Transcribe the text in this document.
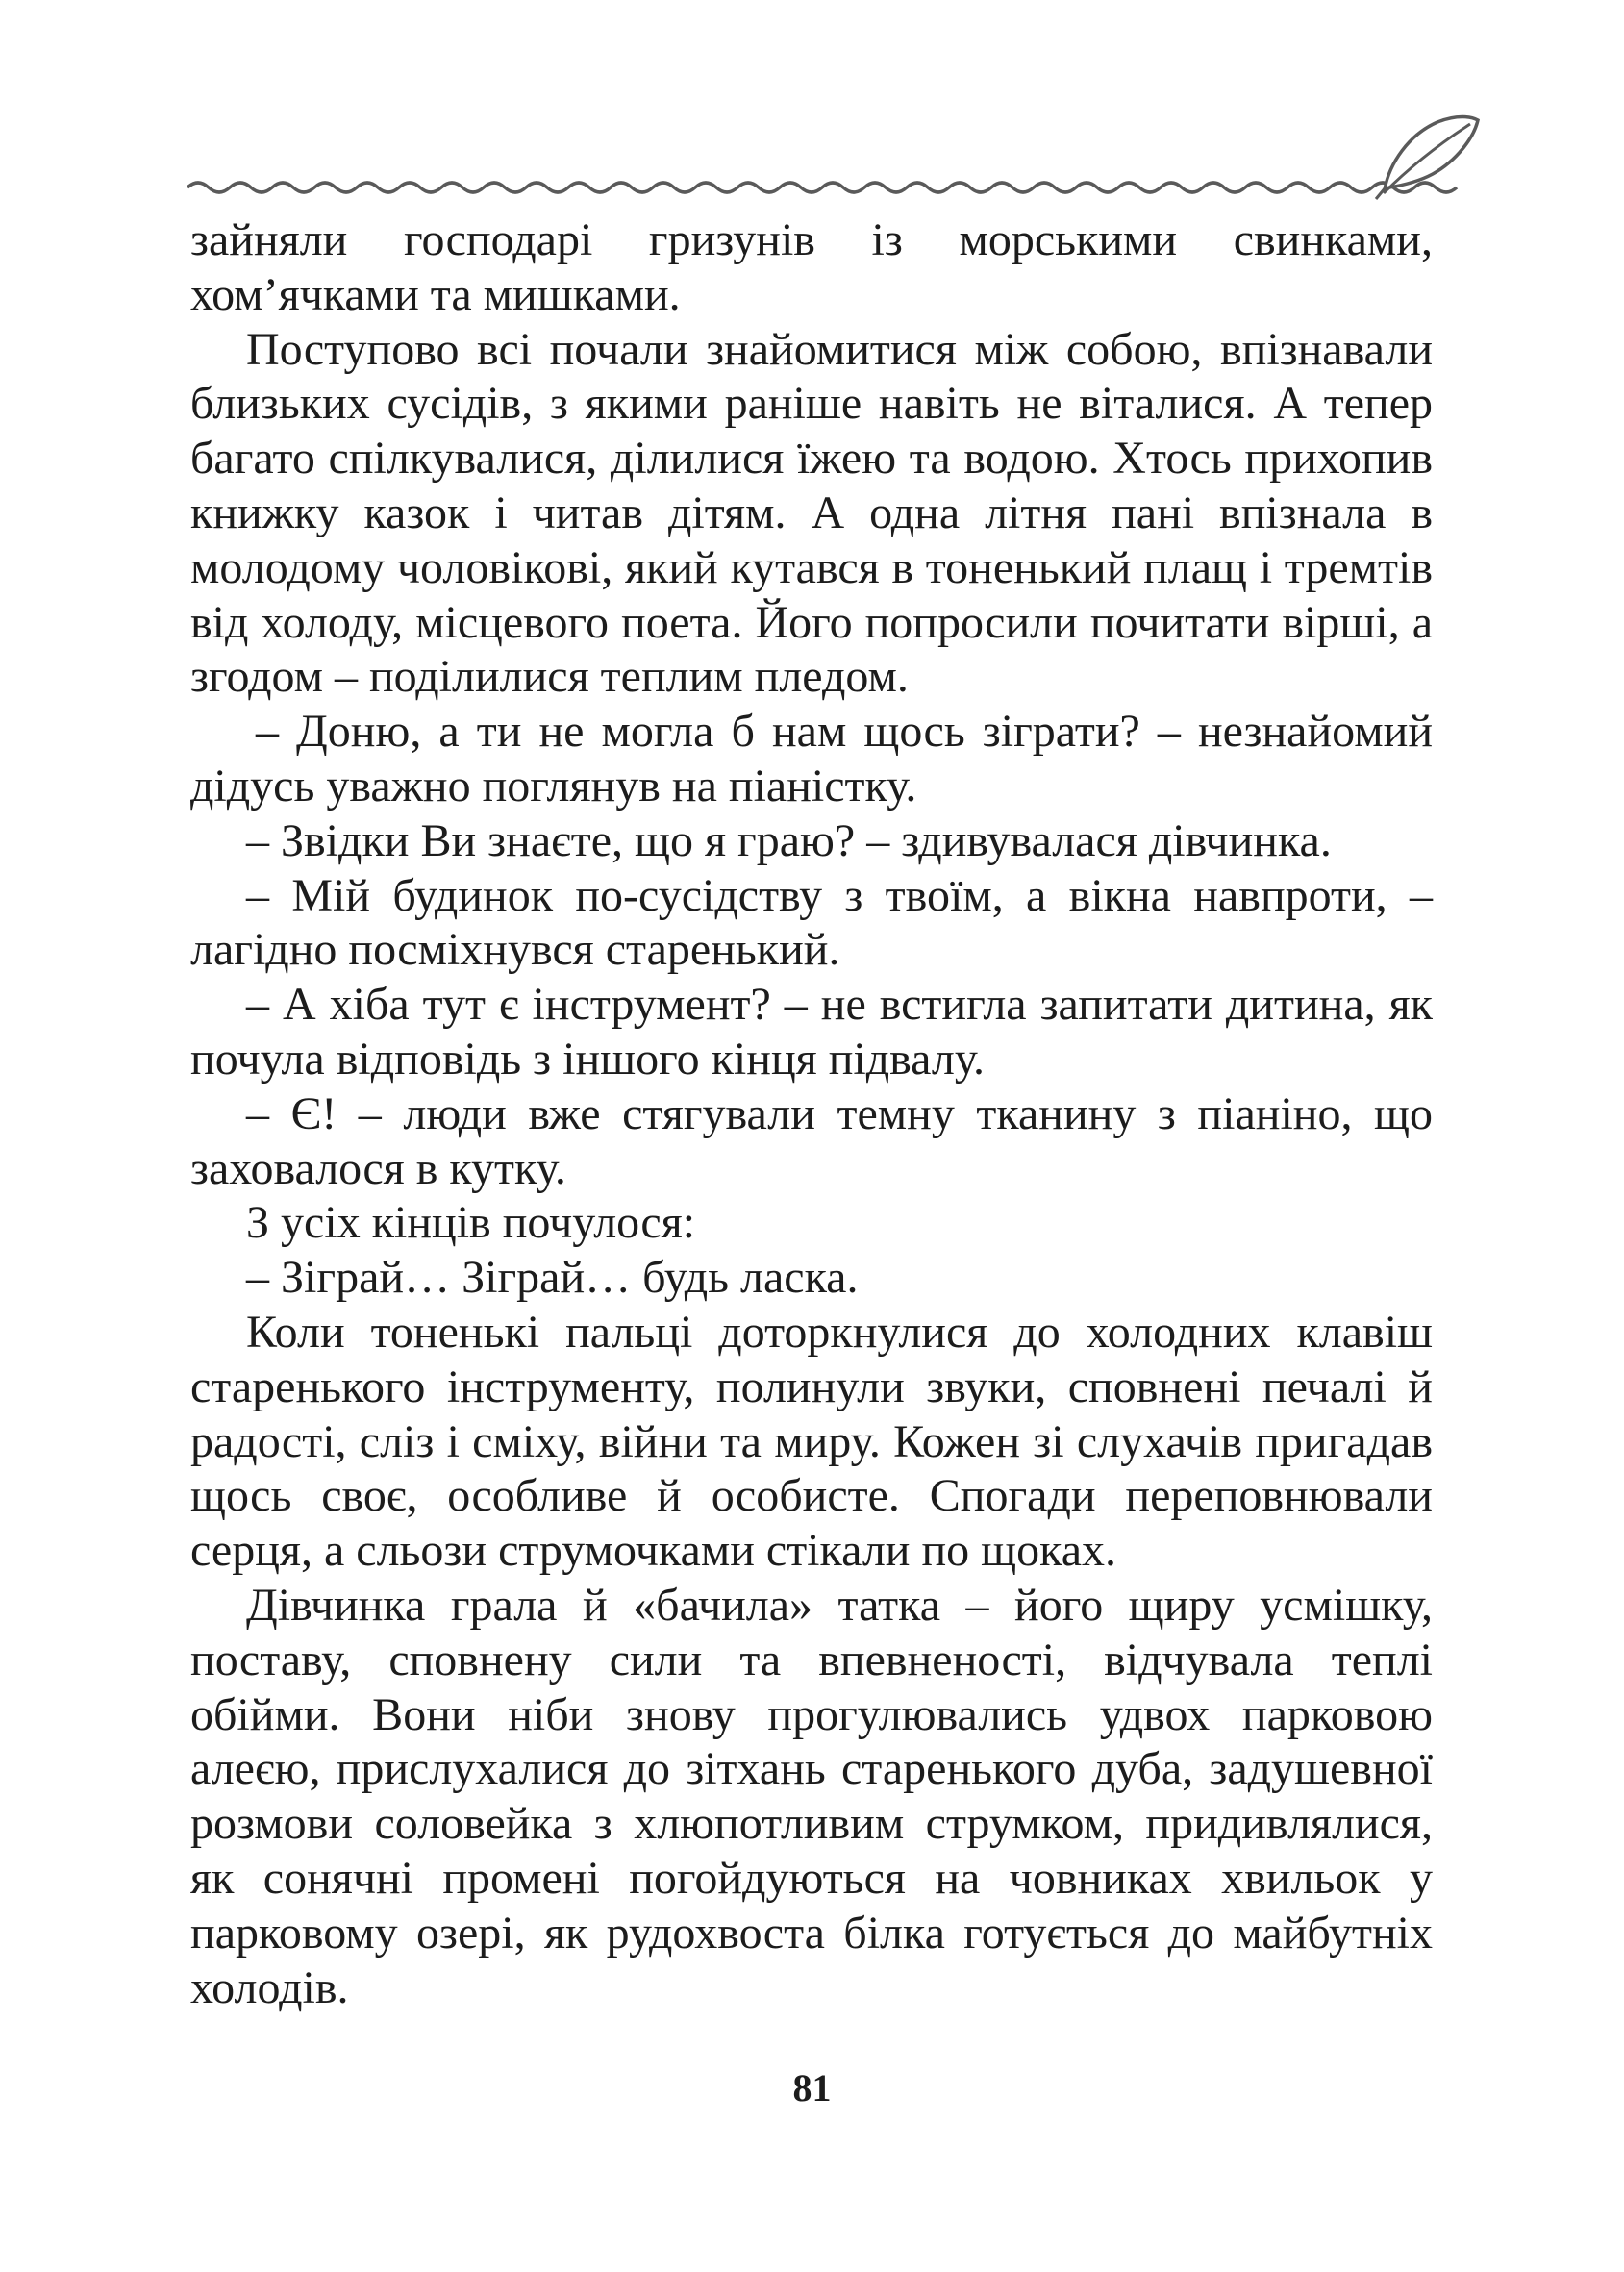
зайняли господарі гризунів із морськими свинками, хом’ячками та мишками.

Поступово всі почали знайомитися між собою, впізнавали близьких сусідів, з якими раніше навіть не віталися. А тепер багато спілкувалися, ділилися їжею та водою. Хтось прихопив книжку казок і читав дітям. А одна літня пані впізнала в молодому чоловікові, який кутався в тоненький плащ і тремтів від холоду, місцевого поета. Його попросили почитати вірші, а згодом – поділилися теплим пледом.

– Доню, а ти не могла б нам щось зіграти? – незнайомий дідусь уважно поглянув на піаністку.

– Звідки Ви знаєте, що я граю? – здивувалася дівчинка.

– Мій будинок по-сусідству з твоїм, а вікна навпроти, – лагідно посміхнувся старенький.

– А хіба тут є інструмент? – не встигла запитати дитина, як почула відповідь з іншого кінця підвалу.

– Є! – люди вже стягували темну тканину з піаніно, що заховалося в кутку.

З усіх кінців почулося:

– Зіграй… Зіграй… будь ласка.

Коли тоненькі пальці доторкнулися до холодних клавіш старенького інструменту, полинули звуки, сповнені печалі й радості, сліз і сміху, війни та миру. Кожен зі слухачів пригадав щось своє, особливе й особисте. Спогади переповнювали серця, а сльози струмочками стікали по щоках.

Дівчинка грала й «бачила» татка – його щиру усмішку, поставу, сповнену сили та впевненості, відчувала теплі обійми. Вони ніби знову прогулювались удвох парковою алеєю, прислухалися до зітхань старенького дуба, задушевної розмови соловейка з хлюпотливим струмком, придивлялися, як сонячні промені погойдуються на човниках хвильок у парковому озері, як рудохвоста білка готується до майбутніх холодів.

81
